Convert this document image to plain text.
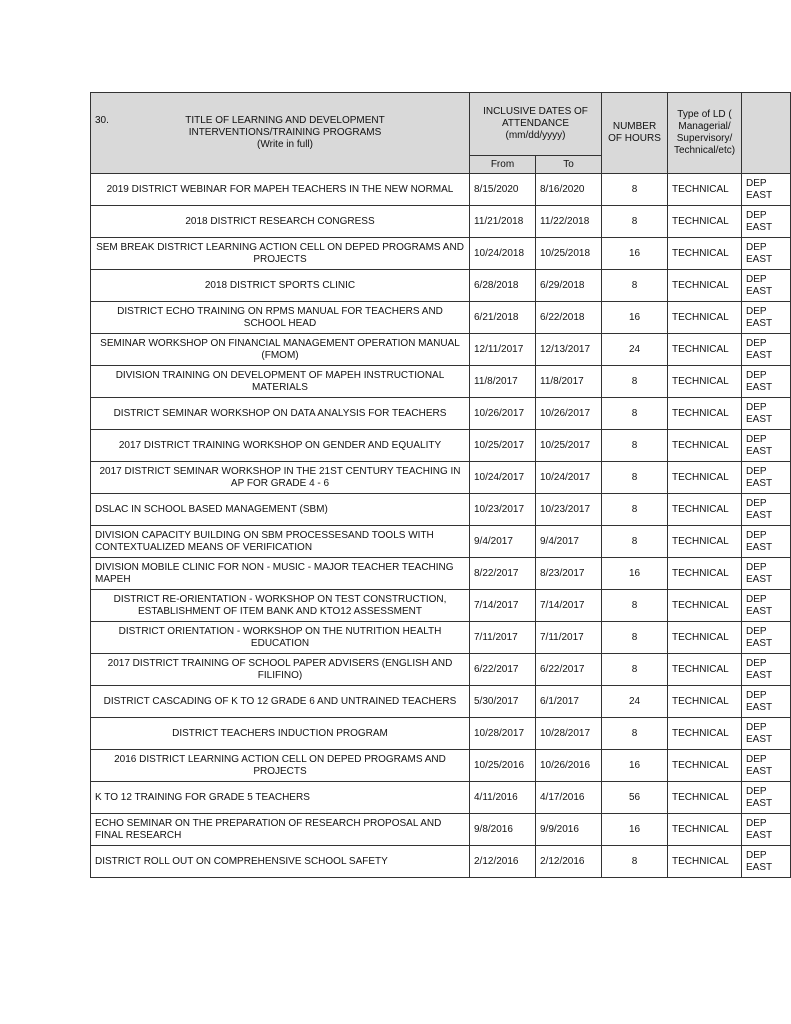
30. TITLE OF LEARNING AND DEVELOPMENT INTERVENTIONS/TRAINING PROGRAMS
(Write in full)	INCLUSIVE DATES OF ATTENDANCE
(mm/dd/yyyy)		NUMBER OF HOURS	Type of LD ( Managerial/ Supervisory/ Technical/etc)	
	From	To			
2019 DISTRICT WEBINAR FOR MAPEH TEACHERS IN THE NEW NORMAL	8/15/2020	8/16/2020	8	TECHNICAL	DEP
EAST
2018 DISTRICT RESEARCH CONGRESS	11/21/2018	11/22/2018	8	TECHNICAL	DEP
EAST
SEM BREAK DISTRICT LEARNING ACTION CELL ON DEPED PROGRAMS AND PROJECTS	10/24/2018	10/25/2018	16	TECHNICAL	DEP
EAST
2018 DISTRICT SPORTS CLINIC	6/28/2018	6/29/2018	8	TECHNICAL	DEP
EAST
DISTRICT ECHO TRAINING ON RPMS MANUAL FOR TEACHERS AND SCHOOL HEAD	6/21/2018	6/22/2018	16	TECHNICAL	DEP
EAST
SEMINAR WORKSHOP ON FINANCIAL MANAGEMENT OPERATION MANUAL (FMOM)	12/11/2017	12/13/2017	24	TECHNICAL	DEP
EAST
DIVISION TRAINING ON DEVELOPMENT OF MAPEH INSTRUCTIONAL MATERIALS	11/8/2017	11/8/2017	8	TECHNICAL	DEP
EAST
DISTRICT SEMINAR WORKSHOP ON DATA ANALYSIS FOR TEACHERS	10/26/2017	10/26/2017	8	TECHNICAL	DEP
EAST
2017 DISTRICT TRAINING WORKSHOP ON GENDER AND EQUALITY	10/25/2017	10/25/2017	8	TECHNICAL	DEP
EAST
2017 DISTRICT SEMINAR WORKSHOP IN THE 21ST CENTURY TEACHING IN AP FOR GRADE 4 - 6	10/24/2017	10/24/2017	8	TECHNICAL	DEP
EAST
DSLAC IN SCHOOL BASED MANAGEMENT (SBM)	10/23/2017	10/23/2017	8	TECHNICAL	DEP
EAST
DIVISION CAPACITY BUILDING ON SBM PROCESSESAND TOOLS WITH CONTEXTUALIZED MEANS OF VERIFICATION	9/4/2017	9/4/2017	8	TECHNICAL	DEP
EAST
DIVISION MOBILE CLINIC FOR NON - MUSIC - MAJOR TEACHER TEACHING MAPEH	8/22/2017	8/23/2017	16	TECHNICAL	DEP
EAST
DISTRICT RE-ORIENTATION - WORKSHOP ON TEST CONSTRUCTION, ESTABLISHMENT OF ITEM BANK AND KTO12 ASSESSMENT	7/14/2017	7/14/2017	8	TECHNICAL	DEP
EAST
DISTRICT ORIENTATION - WORKSHOP ON THE NUTRITION HEALTH EDUCATION	7/11/2017	7/11/2017	8	TECHNICAL	DEP
EAST
2017 DISTRICT TRAINING OF SCHOOL PAPER ADVISERS (ENGLISH AND FILIFINO)	6/22/2017	6/22/2017	8	TECHNICAL	DEP
EAST
DISTRICT CASCADING OF K TO 12 GRADE 6 AND UNTRAINED TEACHERS	5/30/2017	6/1/2017	24	TECHNICAL	DEP
EAST
DISTRICT TEACHERS INDUCTION PROGRAM	10/28/2017	10/28/2017	8	TECHNICAL	DEP
EAST
2016 DISTRICT LEARNING ACTION CELL ON DEPED PROGRAMS AND PROJECTS	10/25/2016	10/26/2016	16	TECHNICAL	DEP
EAST
K TO 12 TRAINING FOR GRADE 5 TEACHERS	4/11/2016	4/17/2016	56	TECHNICAL	DEP
EAST
ECHO SEMINAR ON THE PREPARATION OF RESEARCH PROPOSAL AND FINAL RESEARCH	9/8/2016	9/9/2016	16	TECHNICAL	DEP
EAST
DISTRICT ROLL OUT ON COMPREHENSIVE SCHOOL SAFETY	2/12/2016	2/12/2016	8	TECHNICAL	DEP
EAST
